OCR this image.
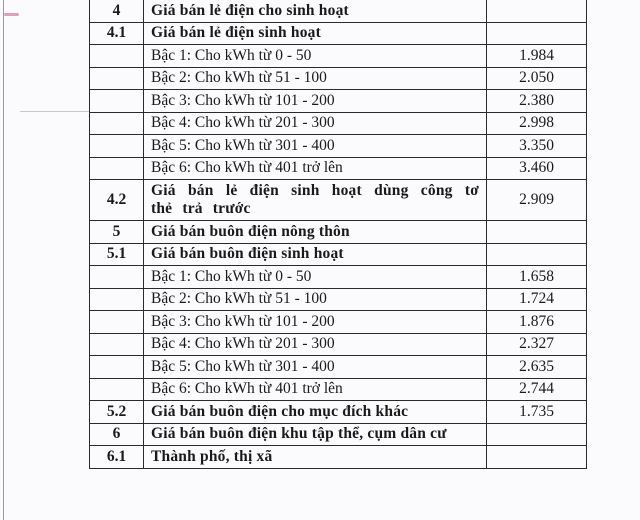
4	Giá bán lẻ điện cho sinh hoạt	
4.1	Giá bán lẻ điện sinh hoạt	
	Bậc 1: Cho kWh từ 0 - 50	1.984
	Bậc 2: Cho kWh từ 51 - 100	2.050
	Bậc 3: Cho kWh từ 101 - 200	2.380
	Bậc 4: Cho kWh từ 201 - 300	2.998
	Bậc 5: Cho kWh từ 301 - 400	3.350
	Bậc 6: Cho kWh từ 401 trở lên	3.460
4.2	Giá bán lẻ điện sinh hoạt dùng công tơ thẻ trả trước	2.909
5	Giá bán buôn điện nông thôn	
5.1	Giá bán buôn điện sinh hoạt	
	Bậc 1: Cho kWh từ 0 - 50	1.658
	Bậc 2: Cho kWh từ 51 - 100	1.724
	Bậc 3: Cho kWh từ 101 - 200	1.876
	Bậc 4: Cho kWh từ 201 - 300	2.327
	Bậc 5: Cho kWh từ 301 - 400	2.635
	Bậc 6: Cho kWh từ 401 trở lên	2.744
5.2	Giá bán buôn điện cho mục đích khác	1.735
6	Giá bán buôn điện khu tập thể, cụm dân cư	
6.1	Thành phố, thị xã	
